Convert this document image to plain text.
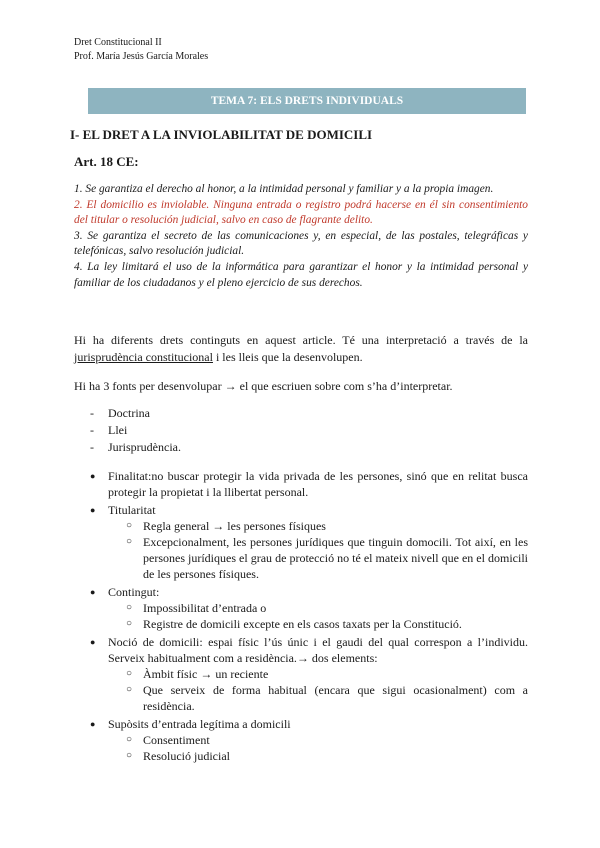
Dret Constitucional II
Prof. María Jesús García Morales
TEMA 7: ELS DRETS INDIVIDUALS
I- EL DRET A LA INVIOLABILITAT DE DOMICILI
Art. 18 CE:

1. Se garantiza el derecho al honor, a la intimidad personal y familiar y a la propia imagen.

2. El domicilio es inviolable. Ninguna entrada o registro podrá hacerse en él sin consentimiento del titular o resolución judicial, salvo en caso de flagrante delito.

3. Se garantiza el secreto de las comunicaciones y, en especial, de las postales, telegráficas y telefónicas, salvo resolución judicial.

4. La ley limitará el uso de la informática para garantizar el honor y la intimidad personal y familiar de los ciudadanos y el pleno ejercicio de sus derechos.

Hi ha diferents drets continguts en aquest article. Té una interpretació a través de la jurisprudència constitucional i les lleis que la desenvolupen.

Hi ha 3 fonts per desenvolupar → el que escriuen sobre com s’ha d’interpretar.

- Doctrina
- Llei
- Jurisprudència.
● Finalitat:no buscar protegir la vida privada de les persones, sinó que en relitat busca protegir la propietat i la llibertat personal.
● Titularitat
○ Regla general → les persones físiques
○ Excepcionalment, les persones jurídiques que tinguin domocili. Tot així, en les persones jurídiques el grau de protecció no té el mateix nivell que en el domicili de les persones físiques.
● Contingut:
○ Impossibilitat d’entrada o
○ Registre de domicili excepte en els casos taxats per la Constitució.
● Noció de domicili: espai físic l’ús únic i el gaudi del qual correspon a l’individu. Serveix habitualment com a residència.→ dos elements:
○ Àmbit físic → un reciente
○ Que serveix de forma habitual (encara que sigui ocasionalment) com a residència.
● Supòsits d’entrada legítima a domicili
○ Consentiment
○ Resolució judicial
